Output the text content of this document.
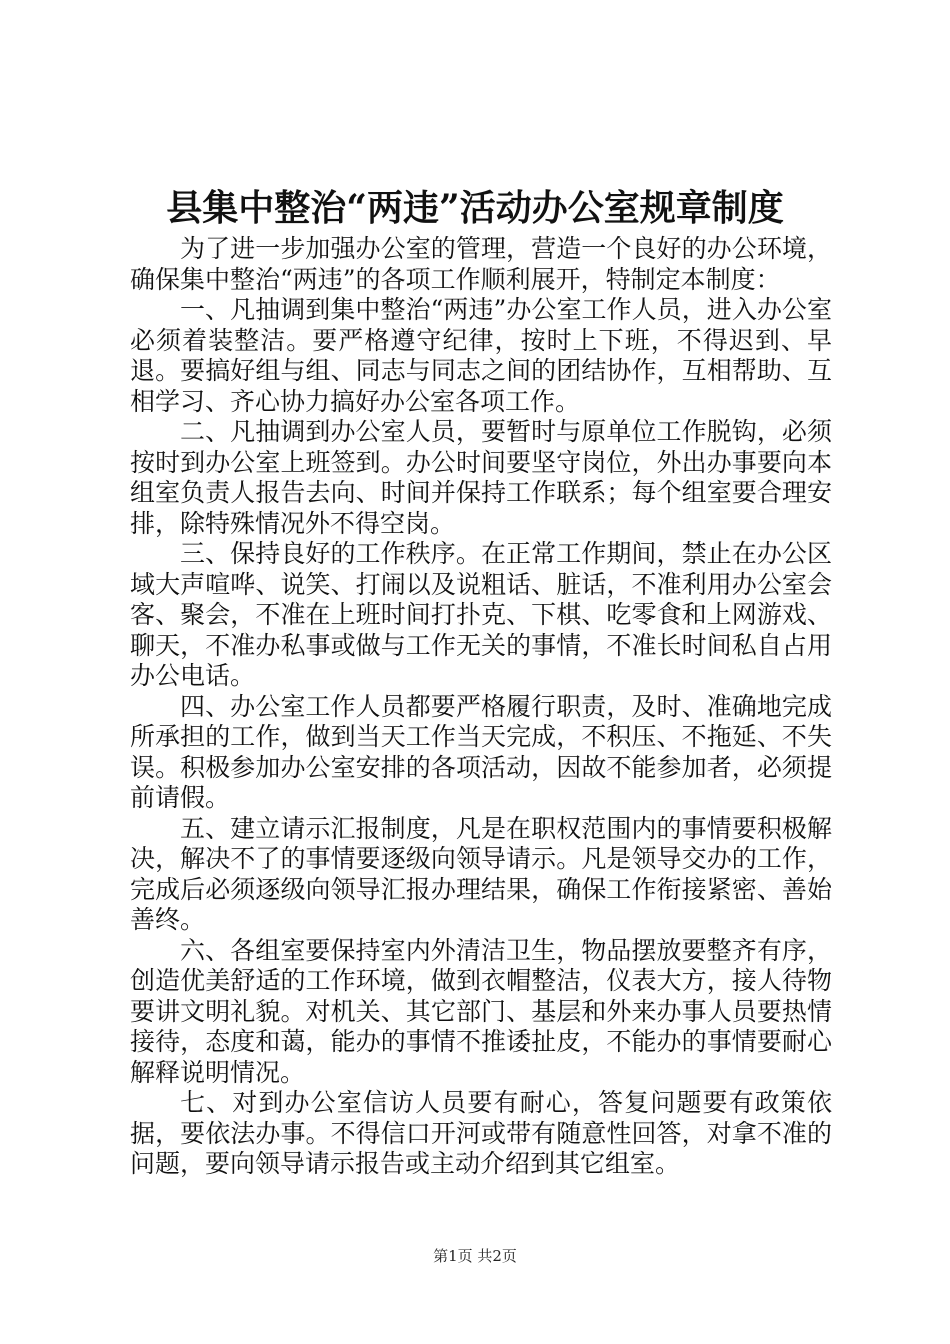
县集中整治“两违”活动办公室规章制度

为了进一步加强办公室的管理，营造一个良好的办公环境，确保集中整治“两违”的各项工作顺利展开，特制定本制度：

一、凡抽调到集中整治“两违”办公室工作人员，进入办公室必须着装整洁。要严格遵守纪律，按时上下班，不得迟到、早退。要搞好组与组、同志与同志之间的团结协作，互相帮助、互相学习、齐心协力搞好办公室各项工作。

二、凡抽调到办公室人员，要暂时与原单位工作脱钩，必须按时到办公室上班签到。办公时间要坚守岗位，外出办事要向本组室负责人报告去向、时间并保持工作联系；每个组室要合理安排，除特殊情况外不得空岗。

三、保持良好的工作秩序。在正常工作期间，禁止在办公区域大声喧哗、说笑、打闹以及说粗话、脏话，不准利用办公室会客、聚会，不准在上班时间打扑克、下棋、吃零食和上网游戏、聊天，不准办私事或做与工作无关的事情，不准长时间私自占用办公电话。

四、办公室工作人员都要严格履行职责，及时、准确地完成所承担的工作，做到当天工作当天完成，不积压、不拖延、不失误。积极参加办公室安排的各项活动，因故不能参加者，必须提前请假。

五、建立请示汇报制度，凡是在职权范围内的事情要积极解决，解决不了的事情要逐级向领导请示。凡是领导交办的工作，完成后必须逐级向领导汇报办理结果，确保工作衔接紧密、善始善终。

六、各组室要保持室内外清洁卫生，物品摆放要整齐有序，创造优美舒适的工作环境，做到衣帽整洁，仪表大方，接人待物要讲文明礼貌。对机关、其它部门、基层和外来办事人员要热情接待，态度和蔼，能办的事情不推诿扯皮，不能办的事情要耐心解释说明情况。

七、对到办公室信访人员要有耐心，答复问题要有政策依据，要依法办事。不得信口开河或带有随意性回答，对拿不准的问题，要向领导请示报告或主动介绍到其它组室。

第1页 共2页
